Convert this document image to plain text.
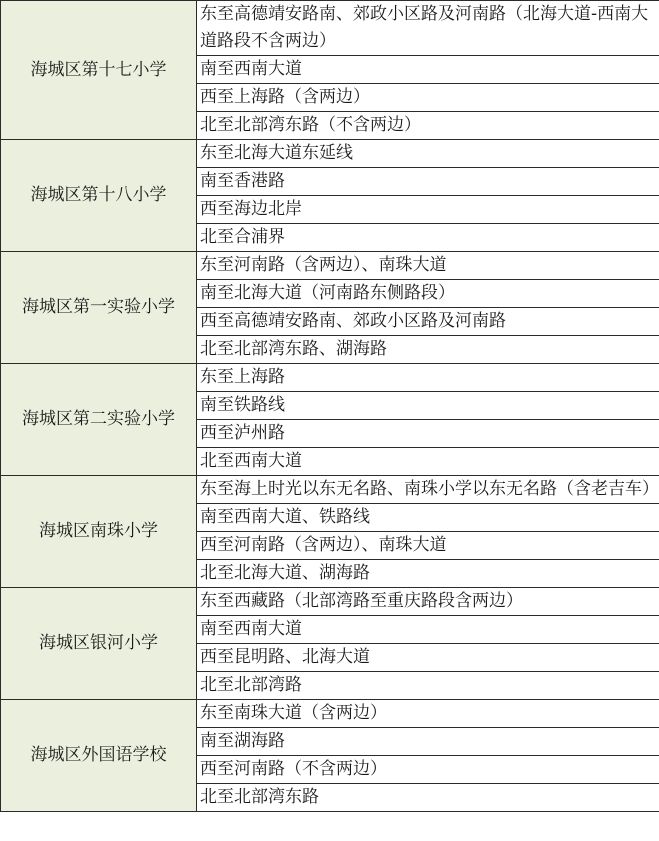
海城区第十七小学	东至高德靖安路南、郊政小区路及河南路（北海大道-西南大道路段不含两边）
	南至西南大道
	西至上海路（含两边）
	北至北部湾东路（不含两边）
海城区第十八小学	东至北海大道东延线
	南至香港路
	西至海边北岸
	北至合浦界
海城区第一实验小学	东至河南路（含两边）、南珠大道
	南至北海大道（河南路东侧路段）
	西至高德靖安路南、郊政小区路及河南路
	北至北部湾东路、湖海路
海城区第二实验小学	东至上海路
	南至铁路线
	西至泸州路
	北至西南大道
海城区南珠小学	东至海上时光以东无名路、南珠小学以东无名路（含老吉车）
	南至西南大道、铁路线
	西至河南路（含两边）、南珠大道
	北至北海大道、湖海路
海城区银河小学	东至西藏路（北部湾路至重庆路段含两边）
	南至西南大道
	西至昆明路、北海大道
	北至北部湾路
海城区外国语学校	东至南珠大道（含两边）
	南至湖海路
	西至河南路（不含两边）
	北至北部湾东路
